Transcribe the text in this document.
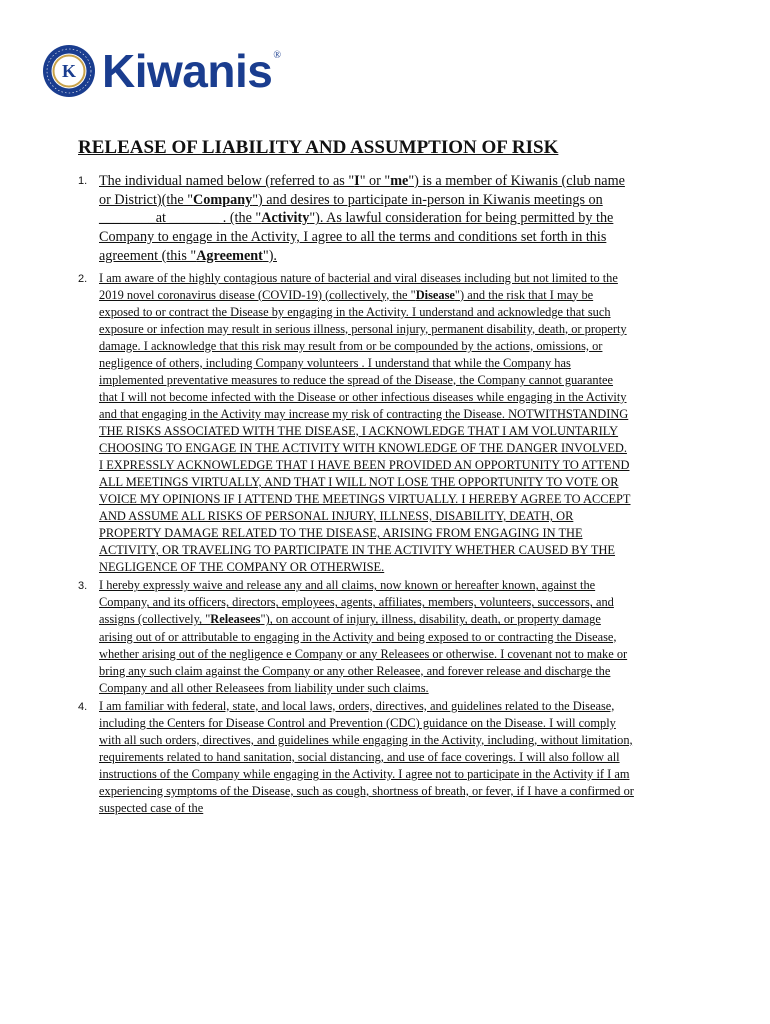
K Kiwanis ®
RELEASE OF LIABILITY AND ASSUMPTION OF RISK
1. The individual named below (referred to as "I" or "me") is a member of Kiwanis (club name or District)(the "Company") and desires to participate in-person in Kiwanis meetings on ________at _______ . (the "Activity"). As lawful consideration for being permitted by the Company to engage in the Activity, I agree to all the terms and conditions set forth in this agreement (this "Agreement").
2. I am aware of the highly contagious nature of bacterial and viral diseases including but not limited to the 2019 novel coronavirus disease (COVID-19) (collectively, the "Disease") and the risk that I may be exposed to or contract the Disease by engaging in the Activity. I understand and acknowledge that such exposure or infection may result in serious illness, personal injury, permanent disability, death, or property damage. I acknowledge that this risk may result from or be compounded by the actions, omissions, or negligence of others, including Company volunteers . I understand that while the Company has implemented preventative measures to reduce the spread of the Disease, the Company cannot guarantee that I will not become infected with the Disease or other infectious diseases while engaging in the Activity and that engaging in the Activity may increase my risk of contracting the Disease. NOTWITHSTANDING THE RISKS ASSOCIATED WITH THE DISEASE, I ACKNOWLEDGE THAT I AM VOLUNTARILY CHOOSING TO ENGAGE IN THE ACTIVITY WITH KNOWLEDGE OF THE DANGER INVOLVED. I EXPRESSLY ACKNOWLEDGE THAT I HAVE BEEN PROVIDED AN OPPORTUNITY TO ATTEND ALL MEETINGS VIRTUALLY, AND THAT I WILL NOT LOSE THE OPPORTUNITY TO VOTE OR VOICE MY OPINIONS IF I ATTEND THE MEETINGS VIRTUALLY. I HEREBY AGREE TO ACCEPT AND ASSUME ALL RISKS OF PERSONAL INJURY, ILLNESS, DISABILITY, DEATH, OR PROPERTY DAMAGE RELATED TO THE DISEASE, ARISING FROM ENGAGING IN THE ACTIVITY, OR TRAVELING TO PARTICIPATE IN THE ACTIVITY WHETHER CAUSED BY THE NEGLIGENCE OF THE COMPANY OR OTHERWISE.
3. I hereby expressly waive and release any and all claims, now known or hereafter known, against the Company, and its officers, directors, employees, agents, affiliates, members, volunteers, successors, and assigns (collectively, "Releasees"), on account of injury, illness, disability, death, or property damage arising out of or attributable to engaging in the Activity and being exposed to or contracting the Disease, whether arising out of the negligence e Company or any Releasees or otherwise. I covenant not to make or bring any such claim against the Company or any other Releasee, and forever release and discharge the Company and all other Releasees from liability under such claims.
4. I am familiar with federal, state, and local laws, orders, directives, and guidelines related to the Disease, including the Centers for Disease Control and Prevention (CDC) guidance on the Disease. I will comply with all such orders, directives, and guidelines while engaging in the Activity, including, without limitation, requirements related to hand sanitation, social distancing, and use of face coverings. I will also follow all instructions of the Company while engaging in the Activity. I agree not to participate in the Activity if I am experiencing symptoms of the Disease, such as cough, shortness of breath, or fever, if I have a confirmed or suspected case of the
